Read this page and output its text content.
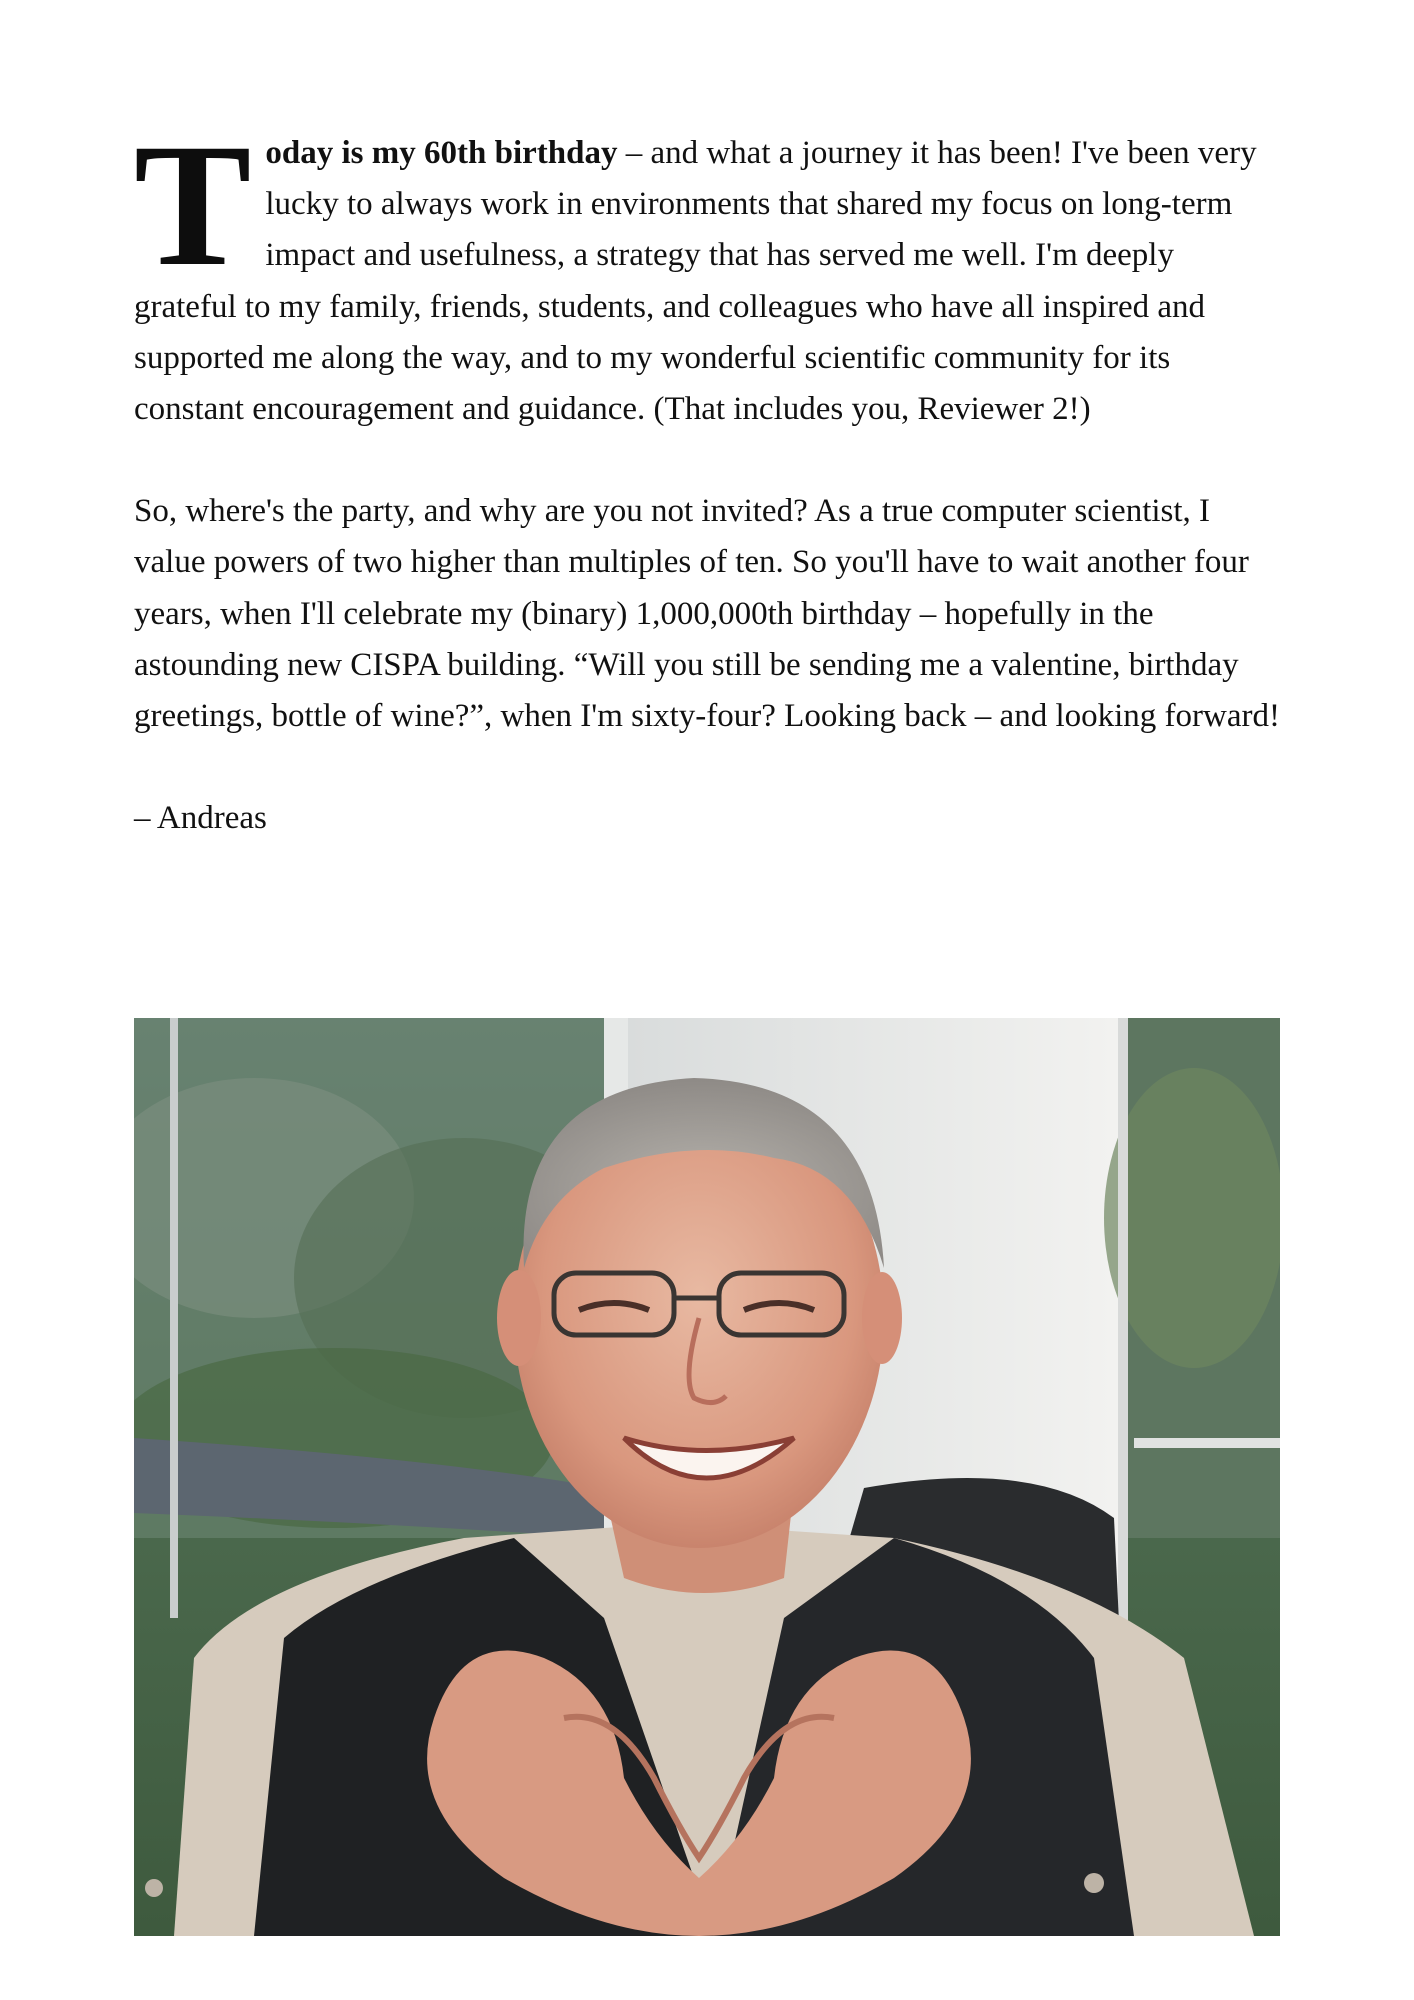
Today is my 60th birthday – and what a journey it has been! I've been very lucky to always work in environments that shared my focus on long-term impact and usefulness, a strategy that has served me well. I'm deeply grateful to my family, friends, students, and colleagues who have all inspired and supported me along the way, and to my wonderful scientific community for its constant encouragement and guidance. (That includes you, Reviewer 2!)

So, where's the party, and why are you not invited? As a true computer scientist, I value powers of two higher than multiples of ten. So you'll have to wait another four years, when I'll celebrate my (binary) 1,000,000th birthday – hopefully in the astounding new CISPA building. “Will you still be sending me a valentine, birthday greetings, bottle of wine?”, when I'm sixty-four? Looking back – and looking forward!

– Andreas
